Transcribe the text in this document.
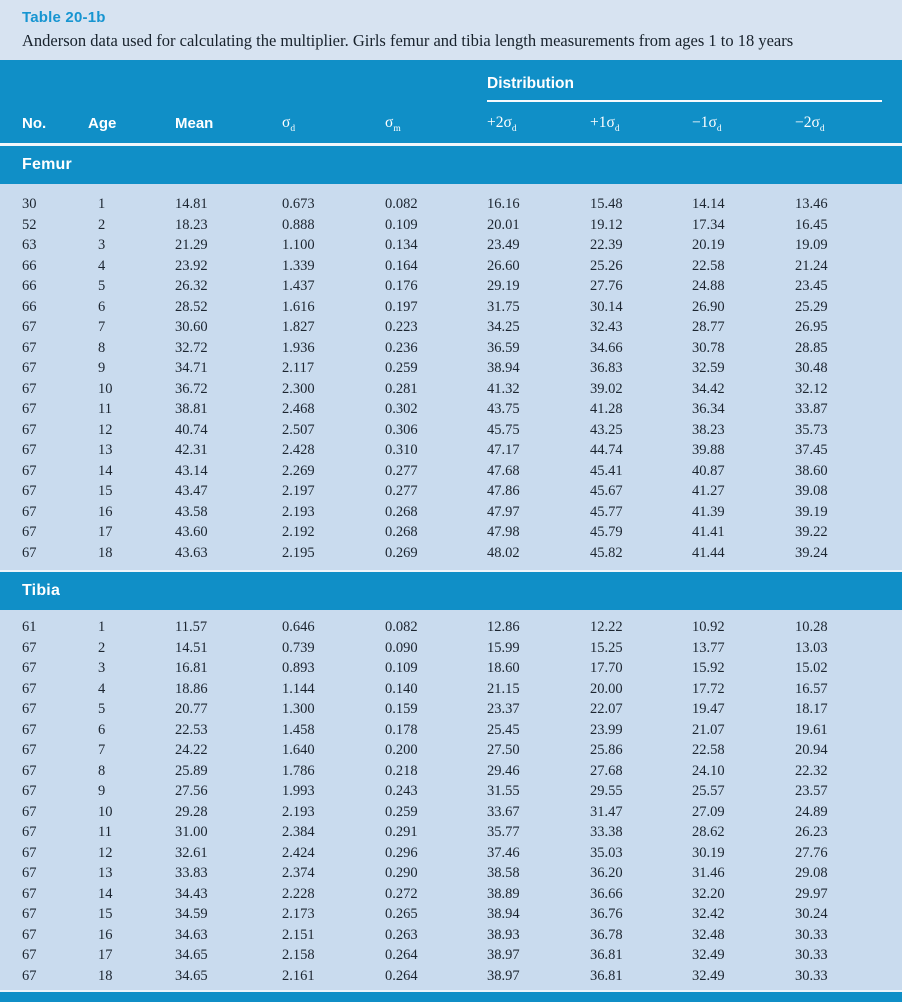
Table 20-1b
Anderson data used for calculating the multiplier. Girls femur and tibia length measurements from ages 1 to 18 years
Distribution
No.	Age	Mean	$\sigma_d$	$\sigma_m$	$+2\sigma_d$	$+1\sigma_d$	$-1\sigma_d$	$-2\sigma_d$
Femur
30	1	14.81	0.673	0.082	16.16	15.48	14.14	13.46
52	2	18.23	0.888	0.109	20.01	19.12	17.34	16.45
63	3	21.29	1.100	0.134	23.49	22.39	20.19	19.09
66	4	23.92	1.339	0.164	26.60	25.26	22.58	21.24
66	5	26.32	1.437	0.176	29.19	27.76	24.88	23.45
66	6	28.52	1.616	0.197	31.75	30.14	26.90	25.29
67	7	30.60	1.827	0.223	34.25	32.43	28.77	26.95
67	8	32.72	1.936	0.236	36.59	34.66	30.78	28.85
67	9	34.71	2.117	0.259	38.94	36.83	32.59	30.48
67	10	36.72	2.300	0.281	41.32	39.02	34.42	32.12
67	11	38.81	2.468	0.302	43.75	41.28	36.34	33.87
67	12	40.74	2.507	0.306	45.75	43.25	38.23	35.73
67	13	42.31	2.428	0.310	47.17	44.74	39.88	37.45
67	14	43.14	2.269	0.277	47.68	45.41	40.87	38.60
67	15	43.47	2.197	0.277	47.86	45.67	41.27	39.08
67	16	43.58	2.193	0.268	47.97	45.77	41.39	39.19
67	17	43.60	2.192	0.268	47.98	45.79	41.41	39.22
67	18	43.63	2.195	0.269	48.02	45.82	41.44	39.24
Tibia
61	1	11.57	0.646	0.082	12.86	12.22	10.92	10.28
67	2	14.51	0.739	0.090	15.99	15.25	13.77	13.03
67	3	16.81	0.893	0.109	18.60	17.70	15.92	15.02
67	4	18.86	1.144	0.140	21.15	20.00	17.72	16.57
67	5	20.77	1.300	0.159	23.37	22.07	19.47	18.17
67	6	22.53	1.458	0.178	25.45	23.99	21.07	19.61
67	7	24.22	1.640	0.200	27.50	25.86	22.58	20.94
67	8	25.89	1.786	0.218	29.46	27.68	24.10	22.32
67	9	27.56	1.993	0.243	31.55	29.55	25.57	23.57
67	10	29.28	2.193	0.259	33.67	31.47	27.09	24.89
67	11	31.00	2.384	0.291	35.77	33.38	28.62	26.23
67	12	32.61	2.424	0.296	37.46	35.03	30.19	27.76
67	13	33.83	2.374	0.290	38.58	36.20	31.46	29.08
67	14	34.43	2.228	0.272	38.89	36.66	32.20	29.97
67	15	34.59	2.173	0.265	38.94	36.76	32.42	30.24
67	16	34.63	2.151	0.263	38.93	36.78	32.48	30.33
67	17	34.65	2.158	0.264	38.97	36.81	32.49	30.33
67	18	34.65	2.161	0.264	38.97	36.81	32.49	30.33
